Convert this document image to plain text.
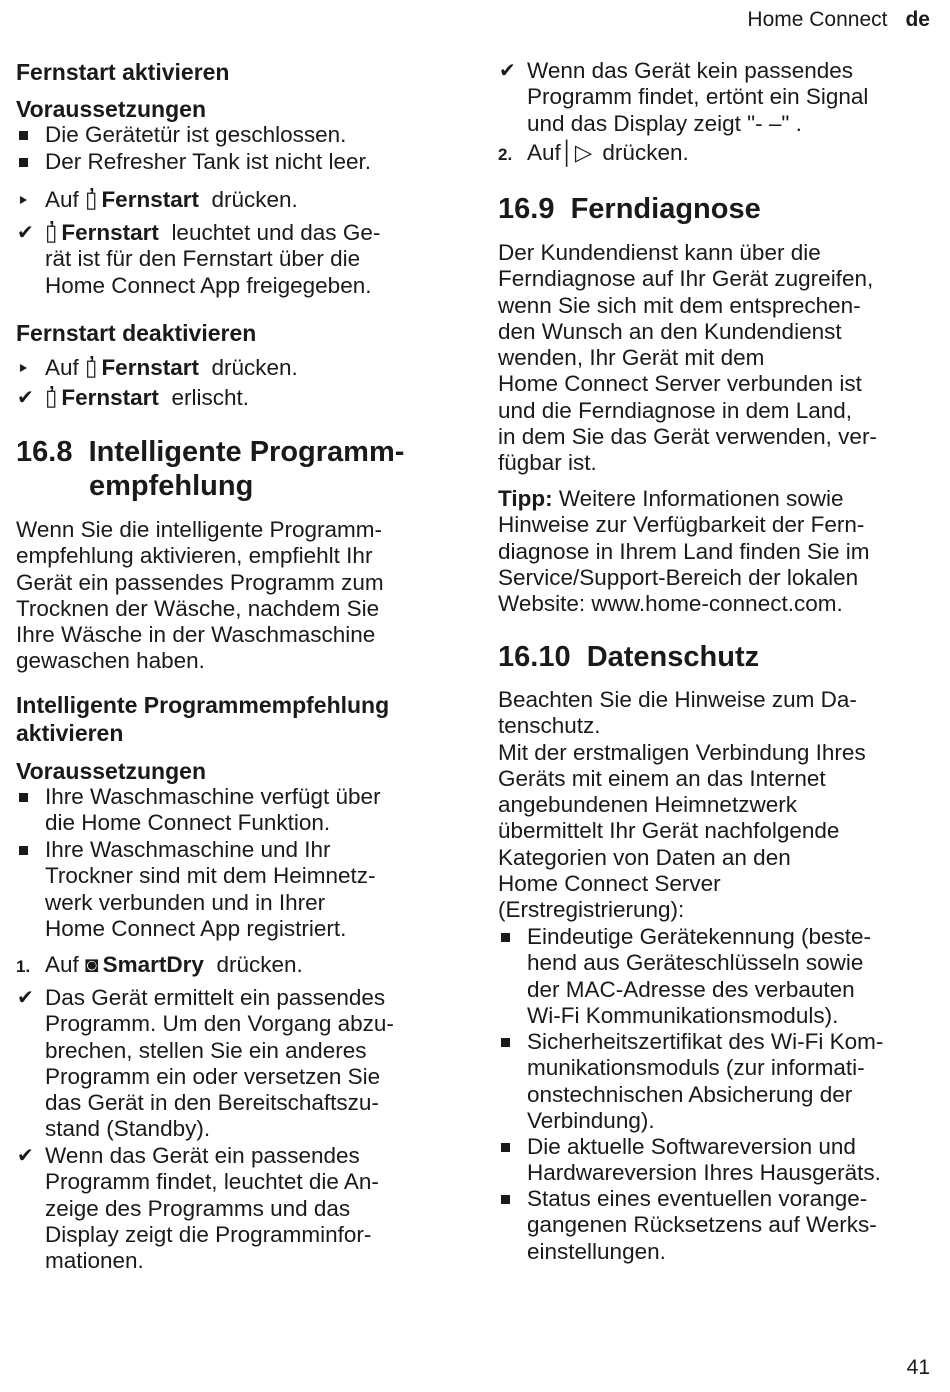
Home Connect de
Fernstart aktivieren
Voraussetzungen
Die Gerätetür ist geschlossen.
Der Refresher Tank ist nicht leer.
Auf ▯̓ Fernstart drücken.
✔ ▯̓ Fernstart leuchtet und das Ge-
rät ist für den Fernstart über die
Home Connect App freigegeben.
Fernstart deaktivieren
Auf ▯̓ Fernstart drücken.
✔ ▯̓ Fernstart erlischt.
16.8 Intelligente Programm-
empfehlung
Wenn Sie die intelligente Programm-
empfehlung aktivieren, empfiehlt Ihr
Gerät ein passendes Programm zum
Trocknen der Wäsche, nachdem Sie
Ihre Wäsche in der Waschmaschine
gewaschen haben.
Intelligente Programmempfehlung
aktivieren
Voraussetzungen
Ihre Waschmaschine verfügt über
die Home Connect Funktion.
Ihre Waschmaschine und Ihr
Trockner sind mit dem Heimnetz-
werk verbunden und in Ihrer
Home Connect App registriert.
1. Auf ◙ SmartDry drücken.
✔ Das Gerät ermittelt ein passendes
Programm. Um den Vorgang abzu-
brechen, stellen Sie ein anderes
Programm ein oder versetzen Sie
das Gerät in den Bereitschaftszu-
stand (Standby).
✔ Wenn das Gerät ein passendes
Programm findet, leuchtet die An-
zeige des Programms und das
Display zeigt die Programminfor-
mationen.
✔ Wenn das Gerät kein passendes
Programm findet, ertönt ein Signal
und das Display zeigt "- –" .
2. Auf│▷ drücken.
16.9 Ferndiagnose
Der Kundendienst kann über die
Ferndiagnose auf Ihr Gerät zugreifen,
wenn Sie sich mit dem entsprechen-
den Wunsch an den Kundendienst
wenden, Ihr Gerät mit dem
Home Connect Server verbunden ist
und die Ferndiagnose in dem Land,
in dem Sie das Gerät verwenden, ver-
fügbar ist.
Tipp: Weitere Informationen sowie
Hinweise zur Verfügbarkeit der Fern-
diagnose in Ihrem Land finden Sie im
Service/Support-Bereich der lokalen
Website: www.home-connect.com.
16.10 Datenschutz
Beachten Sie die Hinweise zum Da-
tenschutz.
Mit der erstmaligen Verbindung Ihres
Geräts mit einem an das Internet
angebundenen Heimnetzwerk
übermittelt Ihr Gerät nachfolgende
Kategorien von Daten an den
Home Connect Server
(Erstregistrierung):
Eindeutige Gerätekennung (beste-
hend aus Geräteschlüsseln sowie
der MAC-Adresse des verbauten
Wi-Fi Kommunikationsmoduls).
Sicherheitszertifikat des Wi-Fi Kom-
munikationsmoduls (zur informati-
onstechnischen Absicherung der
Verbindung).
Die aktuelle Softwareversion und
Hardwareversion Ihres Hausgeräts.
Status eines eventuellen vorange-
gangenen Rücksetzens auf Werks-
einstellungen.
41
